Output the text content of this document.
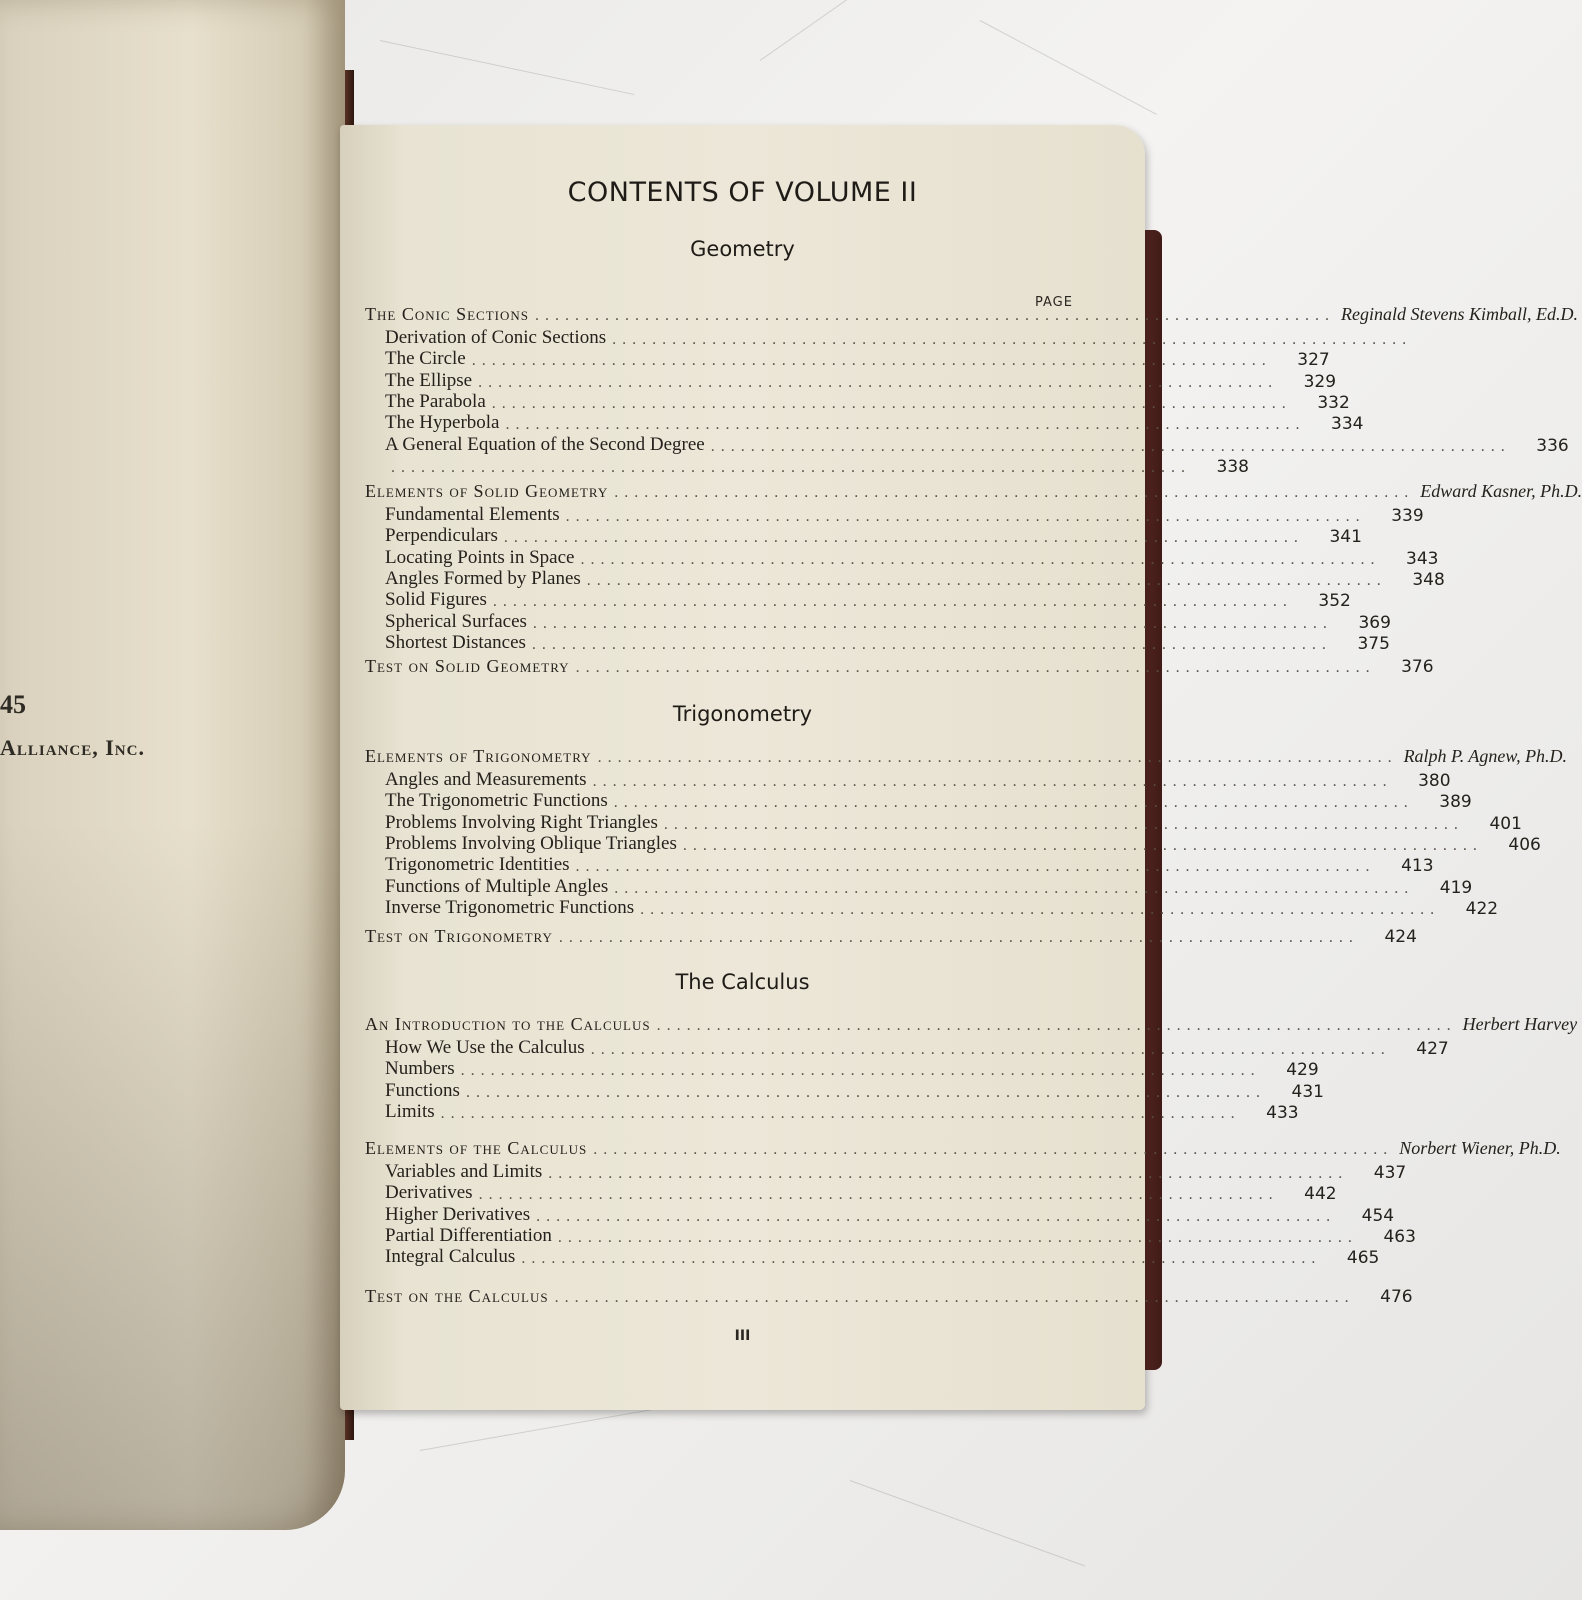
45
Alliance, Inc.
CONTENTS OF VOLUME II
PAGE
III
Geometry
The Conic Sections ................................................................................ Reginald Stevens Kimball, Ed.D.
Derivation of Conic Sections ................................................................................
The Circle ................................................................................	327
The Ellipse ................................................................................	329
The Parabola ................................................................................	332
The Hyperbola ................................................................................	334
A General Equation of the Second Degree ................................................................................	336
................................................................................	338
Elements of Solid Geometry ................................................................................ Edward Kasner, Ph.D.
Fundamental Elements ................................................................................	339
Perpendiculars ................................................................................	341
Locating Points in Space ................................................................................	343
Angles Formed by Planes ................................................................................	348
Solid Figures ................................................................................	352
Spherical Surfaces ................................................................................	369
Shortest Distances ................................................................................	375
Test on Solid Geometry ................................................................................	376
Trigonometry
Elements of Trigonometry ................................................................................ Ralph P. Agnew, Ph.D.
Angles and Measurements ................................................................................	380
The Trigonometric Functions ................................................................................	389
Problems Involving Right Triangles ................................................................................	401
Problems Involving Oblique Triangles ................................................................................	406
Trigonometric Identities ................................................................................	413
Functions of Multiple Angles ................................................................................	419
Inverse Trigonometric Functions ................................................................................	422
Test on Trigonometry ................................................................................	424
The Calculus
An Introduction to the Calculus ................................................................................ Herbert Harvey
How We Use the Calculus ................................................................................	427
Numbers ................................................................................	429
Functions ................................................................................	431
Limits ................................................................................	433
Elements of the Calculus ................................................................................ Norbert Wiener, Ph.D.
Variables and Limits ................................................................................	437
Derivatives ................................................................................	442
Higher Derivatives ................................................................................	454
Partial Differentiation ................................................................................	463
Integral Calculus ................................................................................	465
Test on the Calculus ................................................................................	476
